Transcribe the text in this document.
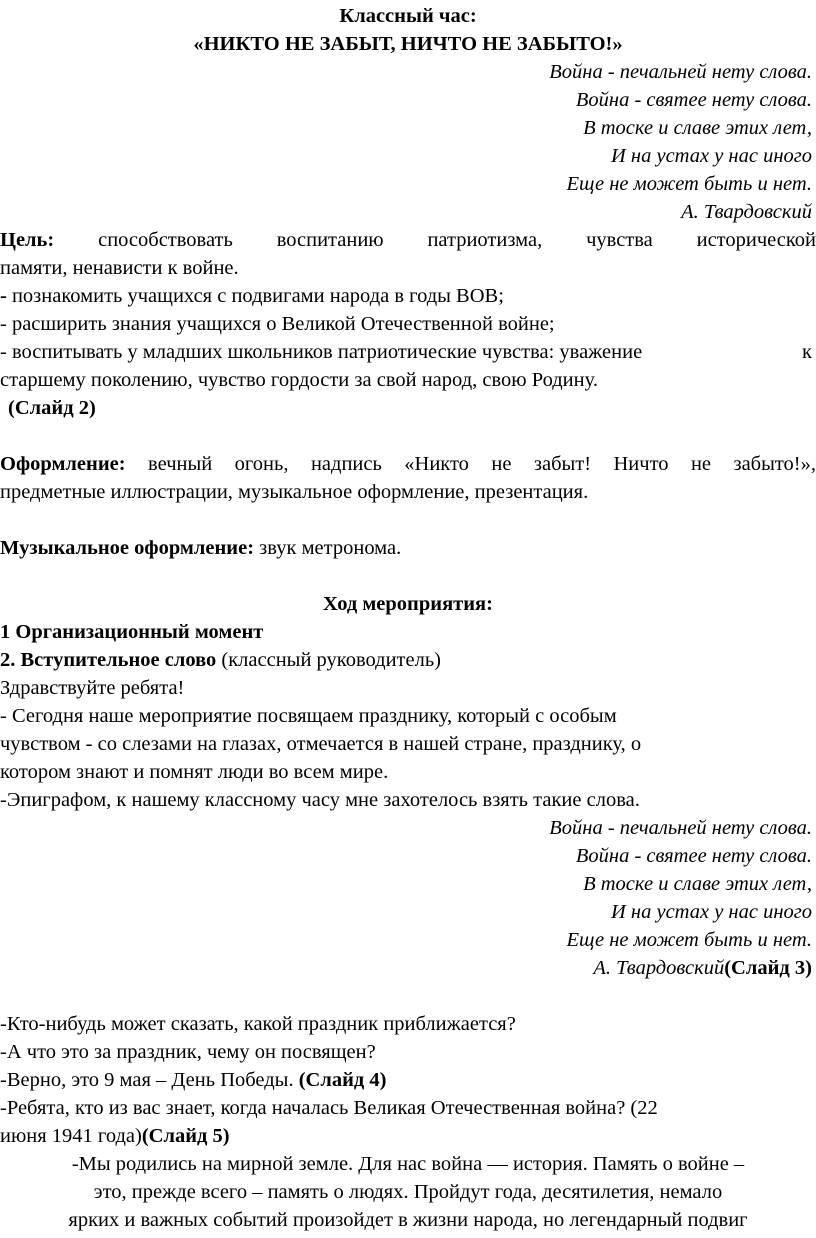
Классный час:
«НИКТО НЕ ЗАБЫТ, НИЧТО НЕ ЗАБЫТО!»
Война - печальней нету слова.
Война - святее нету слова.
В тоске и славе этих лет,
И на устах у нас иного
Еще не может быть и нет.
А. Твардовский
Цель: способствовать воспитанию патриотизма, чувства исторической
памяти, ненависти к войне.
- познакомить учащихся с подвигами народа в годы ВОВ;
- расширить знания учащихся о Великой Отечественной войне;
- воспитывать у младших школьников патриотические чувства: уважение	к
старшему поколению, чувство гордости за свой народ, свою Родину.
(Слайд 2)
Оформление: вечный огонь, надпись «Никто не забыт! Ничто не забыто!»,
предметные иллюстрации, музыкальное оформление, презентация.
Музыкальное оформление: звук метронома.
Ход мероприятия:
1 Организационный момент
2. Вступительное слово (классный руководитель)
Здравствуйте ребята!
- Сегодня наше мероприятие посвящаем празднику, который с особым
чувством - со слезами на глазах, отмечается в нашей стране, празднику, о
котором знают и помнят люди во всем мире.
-Эпиграфом, к нашему классному часу мне захотелось взять такие слова.
Война - печальней нету слова.
Война - святее нету слова.
В тоске и славе этих лет,
И на устах у нас иного
Еще не может быть и нет.
А. Твардовский(Слайд 3)
-Кто-нибудь может сказать, какой праздник приближается?
-А что это за праздник, чему он посвящен?
-Верно, это 9 мая – День Победы. (Слайд 4)
-Ребята, кто из вас знает, когда началась Великая Отечественная война? (22
июня 1941 года)(Слайд 5)
-Мы родились на мирной земле. Для нас война — история. Память о войне –
это, прежде всего – память о людях. Пройдут года, десятилетия, немало
ярких и важных событий произойдет в жизни народа, но легендарный подвиг
